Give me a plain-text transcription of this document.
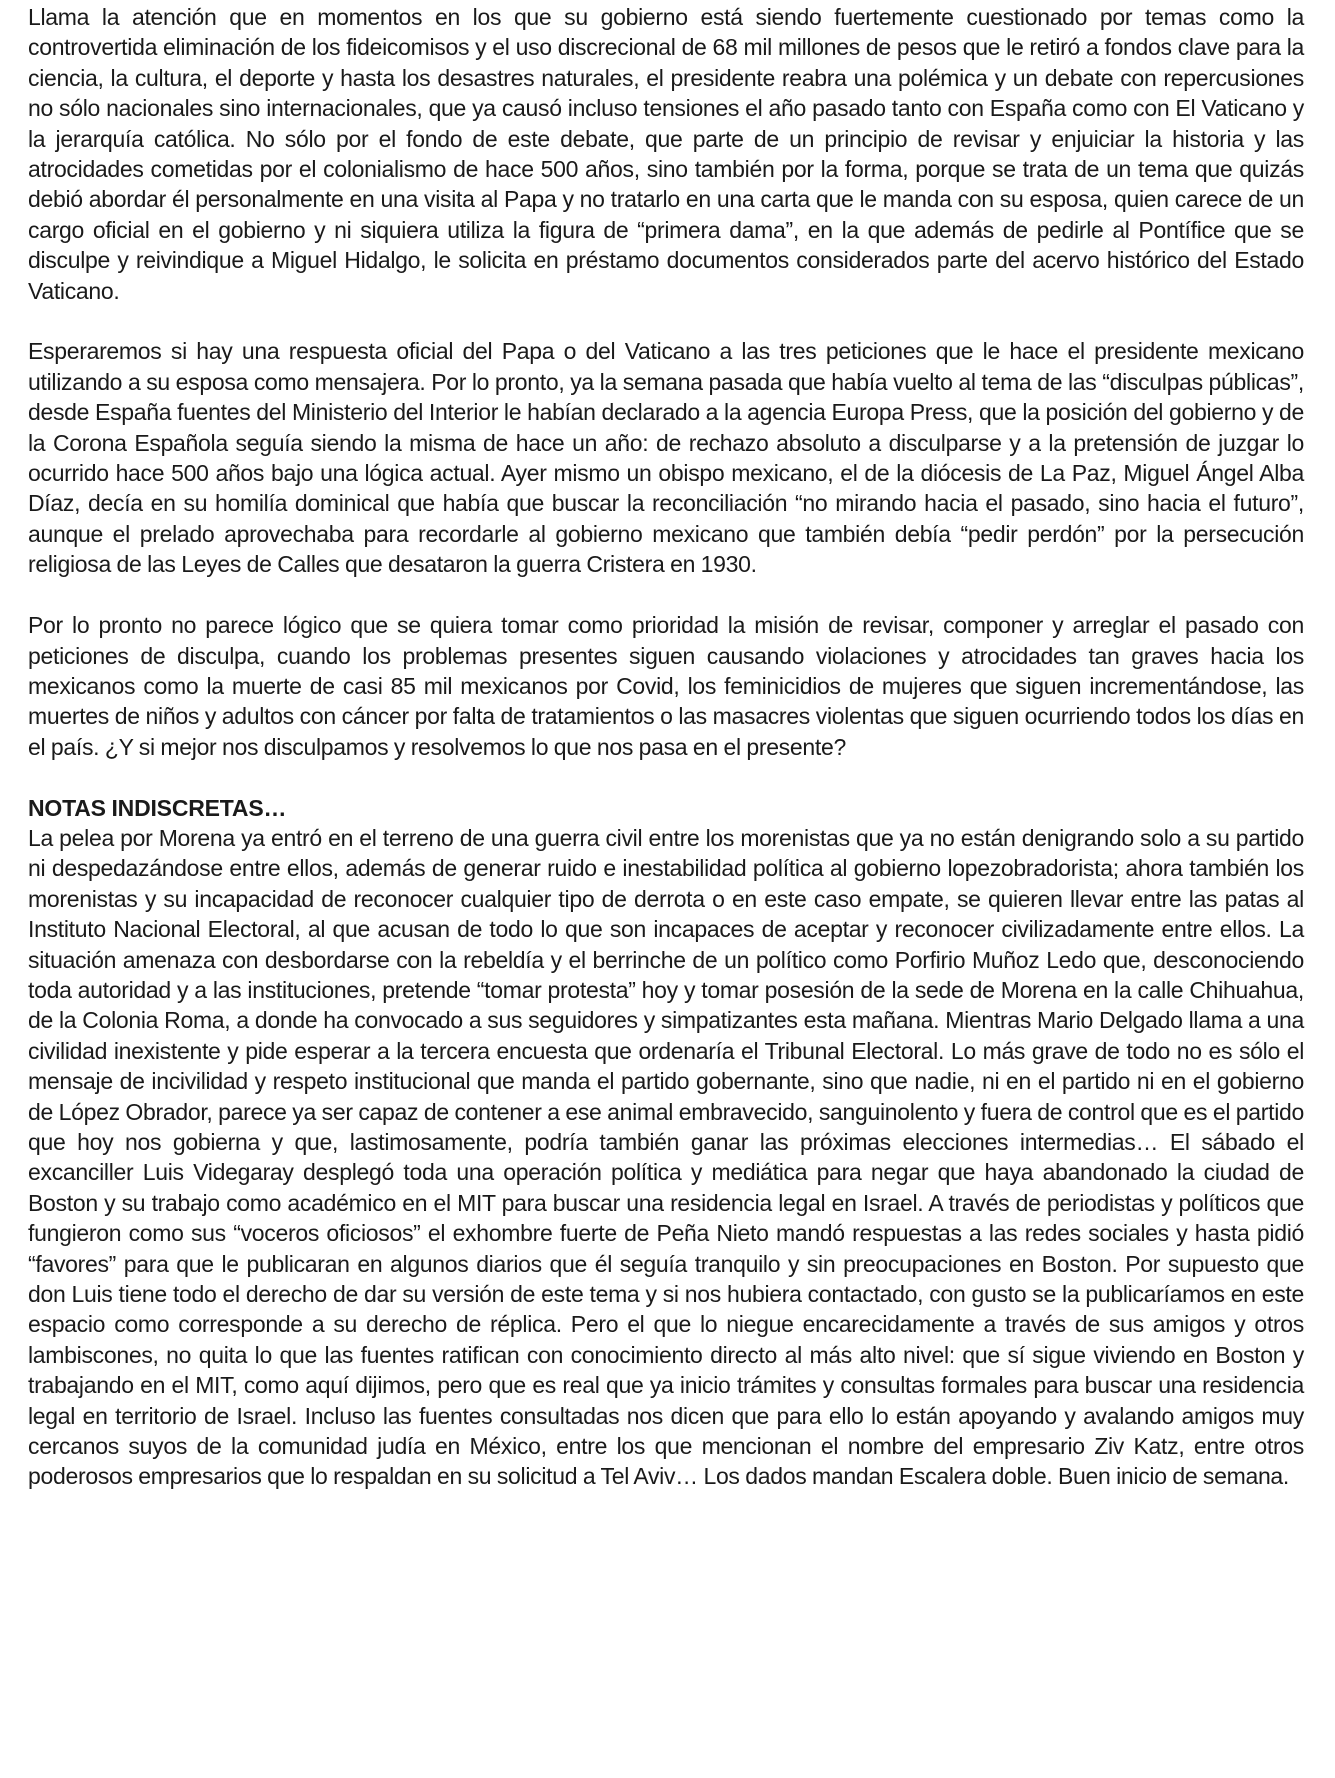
Llama la atención que en momentos en los que su gobierno está siendo fuertemente cuestionado por temas como la controvertida eliminación de los fideicomisos y el uso discrecional de 68 mil millones de pesos que le retiró a fondos clave para la ciencia, la cultura, el deporte y hasta los desastres naturales, el presidente reabra una polémica y un debate con repercusiones no sólo nacionales sino internacionales, que ya causó incluso tensiones el año pasado tanto con España como con El Vaticano y la jerarquía católica. No sólo por el fondo de este debate, que parte de un principio de revisar y enjuiciar la historia y las atrocidades cometidas por el colonialismo de hace 500 años, sino también por la forma, porque se trata de un tema que quizás debió abordar él personalmente en una visita al Papa y no tratarlo en una carta que le manda con su esposa, quien carece de un cargo oficial en el gobierno y ni siquiera utiliza la figura de “primera dama”, en la que además de pedirle al Pontífice que se disculpe y reivindique a Miguel Hidalgo, le solicita en préstamo documentos considerados parte del acervo histórico del Estado Vaticano.

Esperaremos si hay una respuesta oficial del Papa o del Vaticano a las tres peticiones que le hace el presidente mexicano utilizando a su esposa como mensajera. Por lo pronto, ya la semana pasada que había vuelto al tema de las “disculpas públicas”, desde España fuentes del Ministerio del Interior le habían declarado a la agencia Europa Press, que la posición del gobierno y de la Corona Española seguía siendo la misma de hace un año: de rechazo absoluto a disculparse y a la pretensión de juzgar lo ocurrido hace 500 años bajo una lógica actual. Ayer mismo un obispo mexicano, el de la diócesis de La Paz, Miguel Ángel Alba Díaz, decía en su homilía dominical que había que buscar la reconciliación “no mirando hacia el pasado, sino hacia el futuro”, aunque el prelado aprovechaba para recordarle al gobierno mexicano que también debía “pedir perdón” por la persecución religiosa de las Leyes de Calles que desataron la guerra Cristera en 1930.

Por lo pronto no parece lógico que se quiera tomar como prioridad la misión de revisar, componer y arreglar el pasado con peticiones de disculpa, cuando los problemas presentes siguen causando violaciones y atrocidades tan graves hacia los mexicanos como la muerte de casi 85 mil mexicanos por Covid, los feminicidios de mujeres que siguen incrementándose, las muertes de niños y adultos con cáncer por falta de tratamientos o las masacres violentas que siguen ocurriendo todos los días en el país. ¿Y si mejor nos disculpamos y resolvemos lo que nos pasa en el presente?

NOTAS INDISCRETAS…

La pelea por Morena ya entró en el terreno de una guerra civil entre los morenistas que ya no están denigrando solo a su partido ni despedazándose entre ellos, además de generar ruido e inestabilidad política al gobierno lopezobradorista; ahora también los morenistas y su incapacidad de reconocer cualquier tipo de derrota o en este caso empate, se quieren llevar entre las patas al Instituto Nacional Electoral, al que acusan de todo lo que son incapaces de aceptar y reconocer civilizadamente entre ellos. La situación amenaza con desbordarse con la rebeldía y el berrinche de un político como Porfirio Muñoz Ledo que, desconociendo toda autoridad y a las instituciones, pretende “tomar protesta” hoy y tomar posesión de la sede de Morena en la calle Chihuahua, de la Colonia Roma, a donde ha convocado a sus seguidores y simpatizantes esta mañana. Mientras Mario Delgado llama a una civilidad inexistente y pide esperar a la tercera encuesta que ordenaría el Tribunal Electoral. Lo más grave de todo no es sólo el mensaje de incivilidad y respeto institucional que manda el partido gobernante, sino que nadie, ni en el partido ni en el gobierno de López Obrador, parece ya ser capaz de contener a ese animal embravecido, sanguinolento y fuera de control que es el partido que hoy nos gobierna y que, lastimosamente, podría también ganar las próximas elecciones intermedias… El sábado el excanciller Luis Videgaray desplegó toda una operación política y mediática para negar que haya abandonado la ciudad de Boston y su trabajo como académico en el MIT para buscar una residencia legal en Israel. A través de periodistas y políticos que fungieron como sus “voceros oficiosos” el exhombre fuerte de Peña Nieto mandó respuestas a las redes sociales y hasta pidió “favores” para que le publicaran en algunos diarios que él seguía tranquilo y sin preocupaciones en Boston. Por supuesto que don Luis tiene todo el derecho de dar su versión de este tema y si nos hubiera contactado, con gusto se la publicaríamos en este espacio como corresponde a su derecho de réplica. Pero el que lo niegue encarecidamente a través de sus amigos y otros lambiscones, no quita lo que las fuentes ratifican con conocimiento directo al más alto nivel: que sí sigue viviendo en Boston y trabajando en el MIT, como aquí dijimos, pero que es real que ya inicio trámites y consultas formales para buscar una residencia legal en territorio de Israel. Incluso las fuentes consultadas nos dicen que para ello lo están apoyando y avalando amigos muy cercanos suyos de la comunidad judía en México, entre los que mencionan el nombre del empresario Ziv Katz, entre otros poderosos empresarios que lo respaldan en su solicitud a Tel Aviv… Los dados mandan Escalera doble. Buen inicio de semana.
